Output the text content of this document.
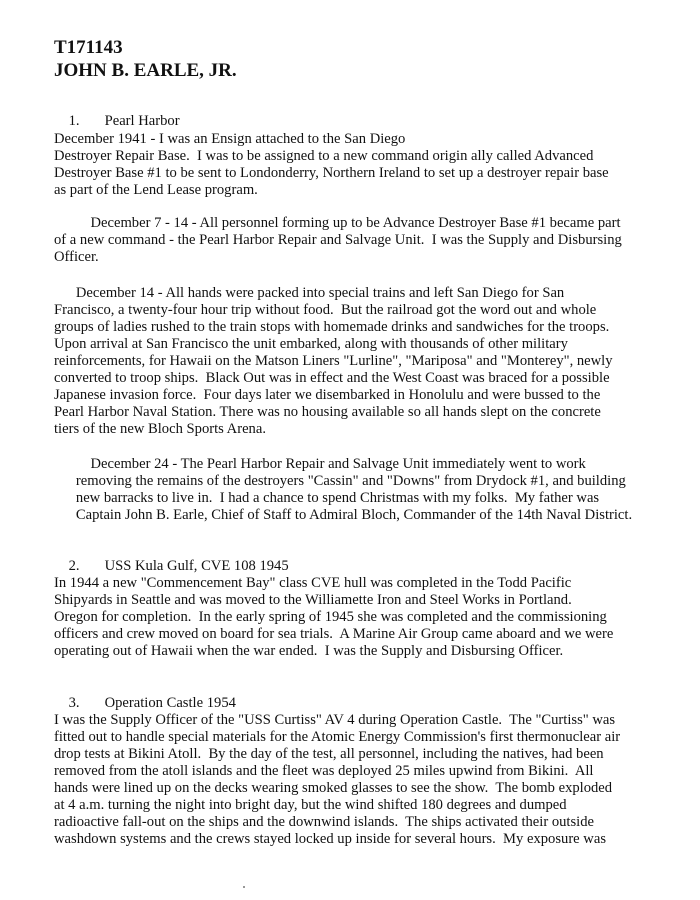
T171143
JOHN B. EARLE, JR.

1. Pearl Harbor

December 1941 - I was an Ensign attached to the San Diego
Destroyer Repair Base.  I was to be assigned to a new command origin ally called Advanced
Destroyer Base #1 to be sent to Londonderry, Northern Ireland to set up a destroyer repair base
as part of the Lend Lease program.
December 7 - 14 - All personnel forming up to be Advance Destroyer Base #1 became part
of a new command - the Pearl Harbor Repair and Salvage Unit.  I was the Supply and Disbursing
Officer.
December 14 - All hands were packed into special trains and left San Diego for San
Francisco, a twenty-four hour trip without food.  But the railroad got the word out and whole
groups of ladies rushed to the train stops with homemade drinks and sandwiches for the troops.
Upon arrival at San Francisco the unit embarked, along with thousands of other military
reinforcements, for Hawaii on the Matson Liners "Lurline", "Mariposa" and "Monterey", newly
converted to troop ships.  Black Out was in effect and the West Coast was braced for a possible
Japanese invasion force.  Four days later we disembarked in Honolulu and were bussed to the
Pearl Harbor Naval Station. There was no housing available so all hands slept on the concrete
tiers of the new Bloch Sports Arena.
December 24 - The Pearl Harbor Repair and Salvage Unit immediately went to work
removing the remains of the destroyers "Cassin" and "Downs" from Drydock #1, and building
new barracks to live in.  I had a chance to spend Christmas with my folks.  My father was
Captain John B. Earle, Chief of Staff to Admiral Bloch, Commander of the 14th Naval District.

2. USS Kula Gulf, CVE 108 1945

In 1944 a new "Commencement Bay" class CVE hull was completed in the Todd Pacific
Shipyards in Seattle and was moved to the Williamette Iron and Steel Works in Portland.
Oregon for completion.  In the early spring of 1945 she was completed and the commissioning
officers and crew moved on board for sea trials.  A Marine Air Group came aboard and we were
operating out of Hawaii when the war ended.  I was the Supply and Disbursing Officer.

3. Operation Castle 1954

I was the Supply Officer of the "USS Curtiss" AV 4 during Operation Castle.  The "Curtiss" was
fitted out to handle special materials for the Atomic Energy Commission's first thermonuclear air
drop tests at Bikini Atoll.  By the day of the test, all personnel, including the natives, had been
removed from the atoll islands and the fleet was deployed 25 miles upwind from Bikini.  All
hands were lined up on the decks wearing smoked glasses to see the show.  The bomb exploded
at 4 a.m. turning the night into bright day, but the wind shifted 180 degrees and dumped
radioactive fall-out on the ships and the downwind islands.  The ships activated their outside
washdown systems and the crews stayed locked up inside for several hours.  My exposure was
